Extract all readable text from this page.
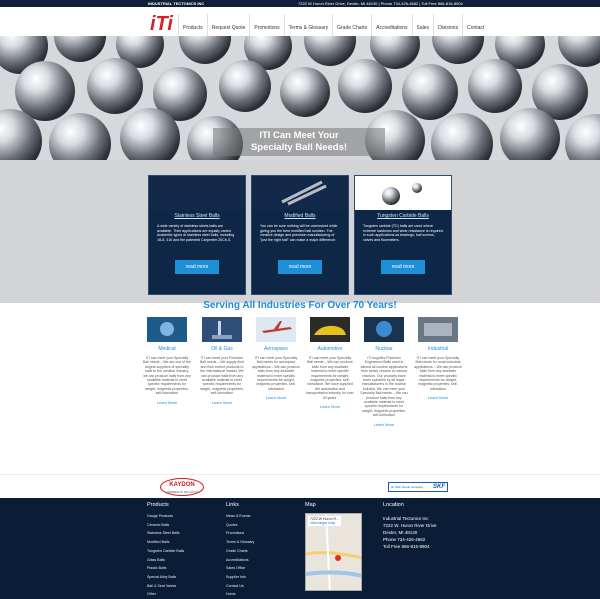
INDUSTRIAL TECTONICS INC	7222 W Huron River Drive, Dexter, MI 48130 | Phone 734-426-4682 | Toll Free 866-816-8904
iTi	Products	Request Quote	Promotions	Terms & Glossary	Grade Charts	Accreditations	Sales	Divisions	Contact
ITI Can Meet Your
Specialty Ball Needs!
Stainless Steel Balls
A wide variety of stainless steels balls are available. Their applications are equally varied. Austenitic types of stainless steel balls, including 18-8, 316 and the patented Carpenter 20Cb-3.
read more
Modified Balls
You can be sure nothing will be overlooked while giving you the best modified ball solution. The creative design and precision manufacturing of "just the right ball" can make a major difference.
read more
Tungsten Carbide Balls
Tungsten carbide (TC) balls are used where extreme hardness and wear resistance is required, in such applications as bearings, ball screws, valves and flowmeters.
read more
Serving All Industries For Over 70 Years!
Medical
ITI can meet your Specialty Ball needs – We are one of the largest suppliers of specialty balls to the medical industry, we can produce balls from any available material to meet specific requirements for weight, magnetic properties, self-lubrication
Learn More
Oil & Gas
ITI can meet your Precision Ball needs – We supply fluid and flow control products to the international market. We can produce balls from any available material to meet specific requirements for weight, magnetic properties, self-lubrication
Learn More
Aerospace
ITI can meet your Specialty Ball needs for aerospace applications – We can produce balls from any available material to meet specific requirements for weight, magnetic properties, self-lubrication
Learn More
Automotive
ITI can meet your Specialty Ball needs – We can produce balls from any available material to meet specific requirements for weight, magnetic properties, self-lubrication. We have supplied the automotive and transportation industry for over 50 years.
Learn More
Nuclear
ITI supplies Precision Engineered Balls used in almost all nuclear applications from heavy vessels to nuclear reactors. Our products have been specified by all major manufacturers in the nuclear industry. We can meet your Specialty Ball needs – We can produce balls from any available material to meet specific requirements for weight, magnetic properties, self-lubrication
Learn More
Industrial
ITI can meet your Specialty Ball needs for most industrial applications – We can produce balls from any available material to meet specific requirements for weight, magnetic properties, self-lubrication
Learn More
KAYDON
A MEMBER OF SKF GROUP
an SKF Group company SKF
Products
Gauge Products
Ceramic Balls
Stainless Steel Balls
Modified Balls
Tungsten Carbide Balls
Glass Balls
Plastic Balls
Special Alloy Balls
Ball & Seat Valves
Other
Links
News & Events
Quotes
Promotions
Terms & Glossary
Grade Charts
Accreditations
Sales Office
Supplier Info
Contact Us
Home
Map	Location
7222 W Huron R...
View larger map
Industrial Tectonics Inc
7222 W. Huron River Drive
Dexter, MI 48130
Phone 734-426-4682
Toll Free 866-816-8904
